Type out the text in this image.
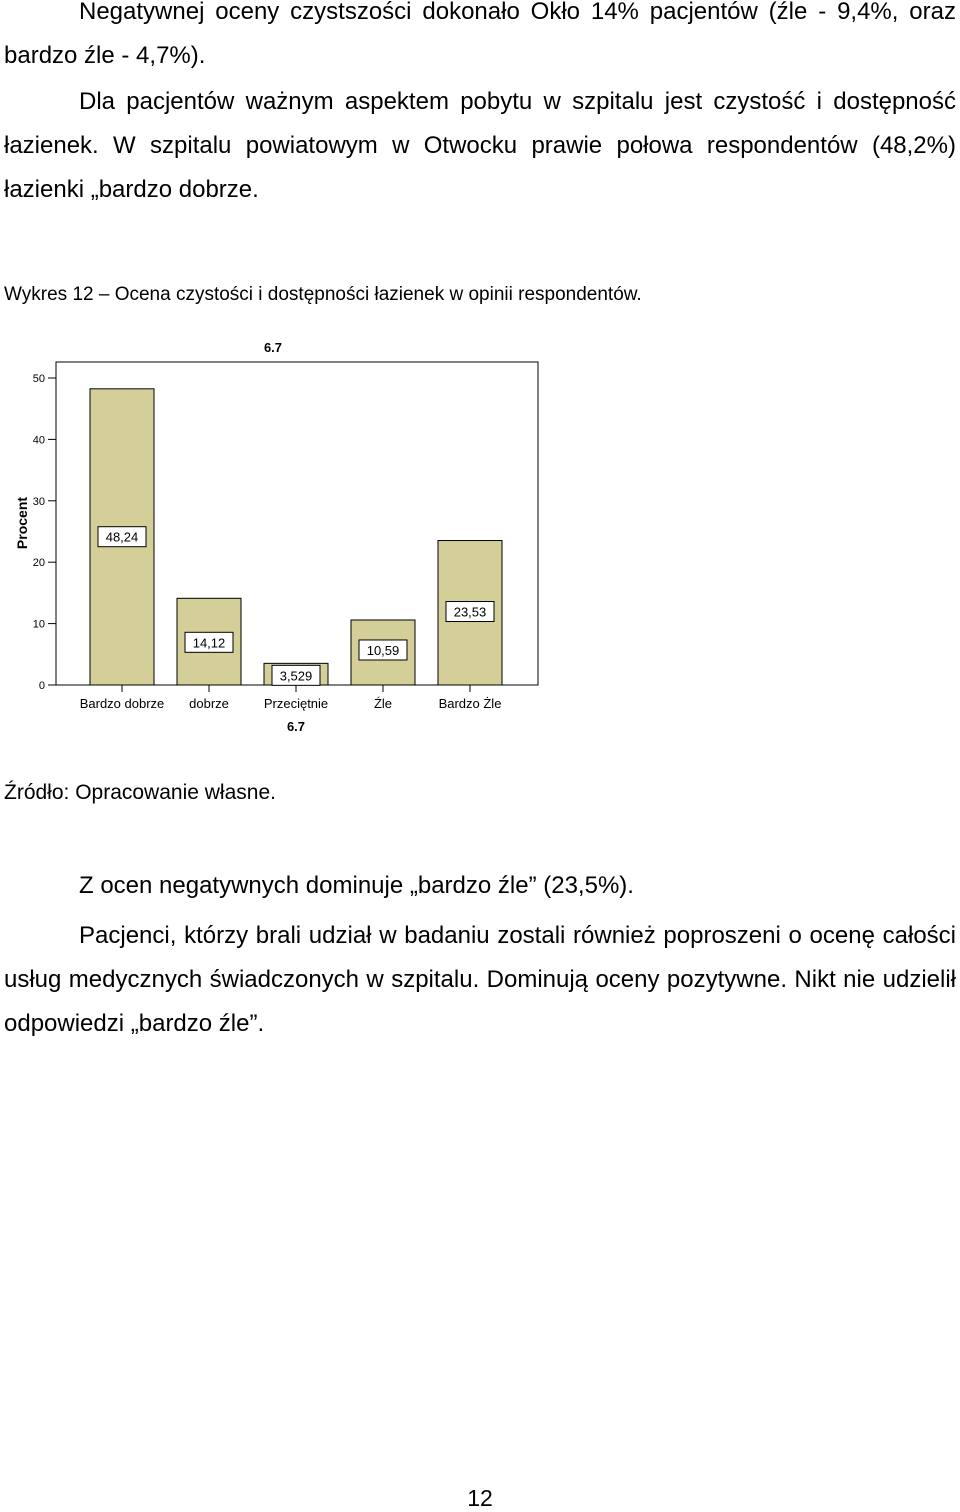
Negatywnej oceny czystszości dokonało Okło 14% pacjentów (źle - 9,4%, oraz bardzo źle - 4,7%).

Dla pacjentów ważnym aspektem pobytu w szpitalu jest czystość i dostępność łazienek. W szpitalu powiatowym w Otwocku prawie połowa respondentów (48,2%) łazienki „bardzo dobrze.

Wykres 12 – Ocena czystości i dostępności łazienek w opinii respondentów.

6.7
6.7
Procent
0
10
20
30
40
50
Bardzo dobrze
48,24
dobrze
14,12
Przeciętnie
3,529
Źle
10,59
Bardzo Żle
23,53

Źródło: Opracowanie własne.

Z ocen negatywnych dominuje „bardzo źle” (23,5%).

Pacjenci, którzy brali udział w badaniu zostali również poproszeni o ocenę całości usług medycznych świadczonych w szpitalu. Dominują oceny pozytywne. Nikt nie udzielił odpowiedzi „bardzo źle”.

12
